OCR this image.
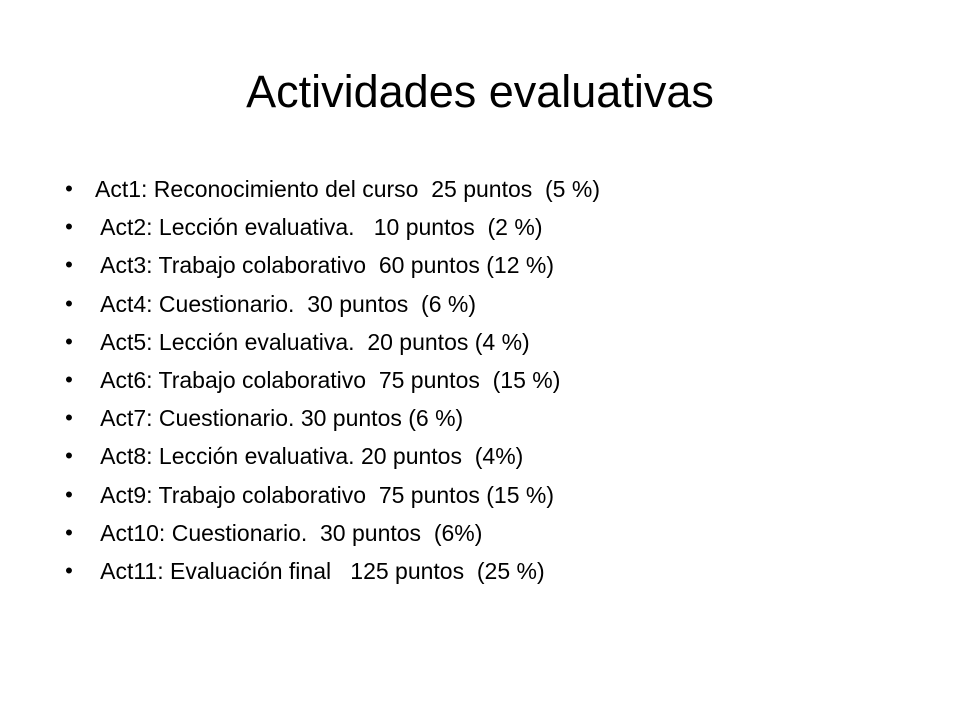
Actividades evaluativas
• Act1: Reconocimiento del curso  25 puntos  (5 %)
• Act2: Lección evaluativa.   10 puntos  (2 %)
• Act3: Trabajo colaborativo  60 puntos (12 %)
• Act4: Cuestionario.  30 puntos  (6 %)
• Act5: Lección evaluativa.  20 puntos (4 %)
• Act6: Trabajo colaborativo  75 puntos  (15 %)
• Act7: Cuestionario. 30 puntos (6 %)
• Act8: Lección evaluativa. 20 puntos  (4%)
• Act9: Trabajo colaborativo  75 puntos (15 %)
• Act10: Cuestionario.  30 puntos  (6%)
• Act11: Evaluación final   125 puntos  (25 %)
